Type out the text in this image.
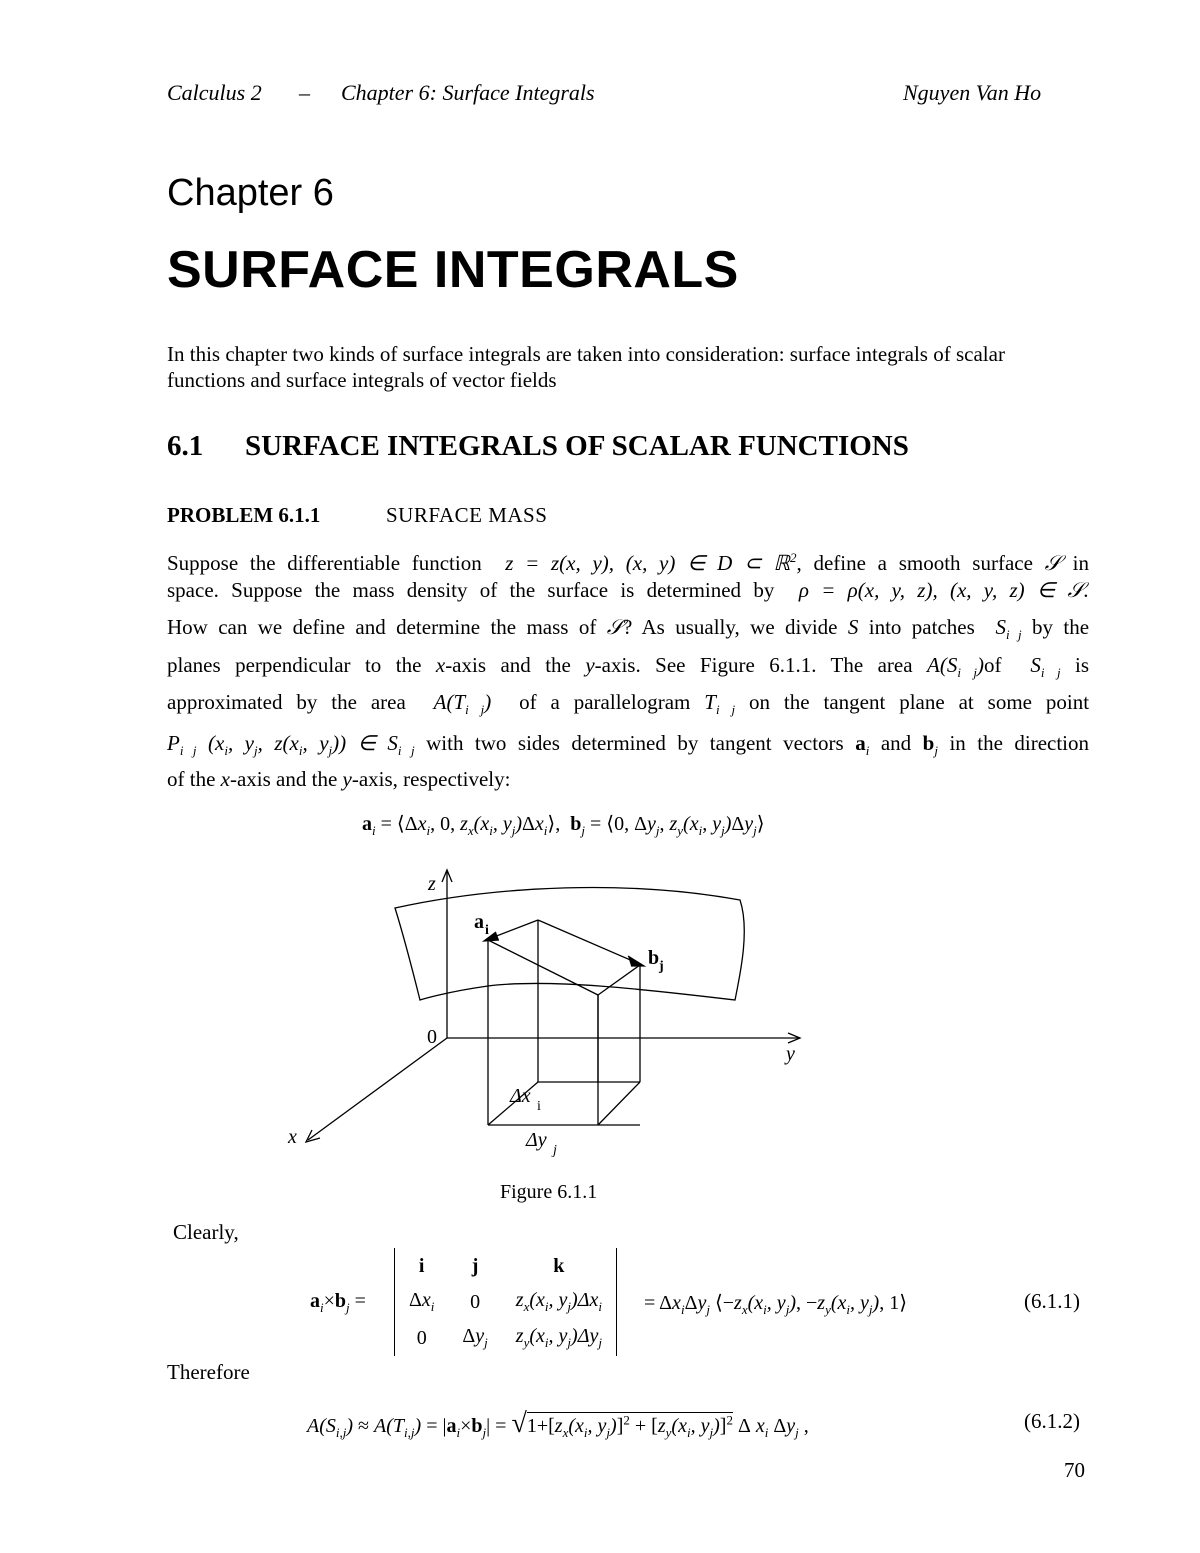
Calculus 2 – Chapter 6: Surface Integrals	Nguyen Van Ho
Chapter 6
SURFACE INTEGRALS
In this chapter two kinds of surface integrals are taken into consideration: surface integrals of scalar functions and surface integrals of vector fields
6.1 SURFACE INTEGRALS OF SCALAR FUNCTIONS
PROBLEM 6.1.1	SURFACE MASS
Suppose the differentiable function  z = z(x, y), (x, y) ∈ D ⊂ ℝ$^2$, define a smooth surface 𝒮 in
space. Suppose the mass density of the surface is determined by  ρ = ρ(x, y, z), (x, y, z) ∈ 𝒮.
How can we define and determine the mass of 𝒮? As usually, we divide S into patches  $S_{i j}$ by the
planes perpendicular to the x-axis and the y-axis. See Figure 6.1.1. The area $A(S_{i j})of$  $S_{i j}$ is
approximated by the area  $A(T_{i j})$  of a parallelogram $T_{i j}$ on the tangent plane at some point
$P_{i j}$ ($x_i$, $y_j$, $z(x_i$, $y_j$)) ∈ $S_{i j}$ with two sides determined by tangent vectors $a_i$ and $b_j$ in the direction
of the x-axis and the y-axis, respectively:
$a_i$ = $⟨\Delta x_i$, 0, $z_x(x_i$, $y_j)\Delta x_i⟩$,  $b_j$ = ⟨0, $\Delta y_j$, $z_y(x_i$, $y_j)\Delta y_j⟩$
z
y
x
0
a i
b j
Δx i
Δy j
Figure 6.1.1
Clearly,
$a_i\times b_j$ =
i	j	k
$\Delta x_i$	0	$z_x(x_i$, $y_j)\Delta x_i$
0	$\Delta y_j$	$z_y(x_i$, $y_j)\Delta y_j$
= $\Delta x_i\Delta y_j$ $⟨-z_x(x_i$, $y_j$), $-z_y(x_i$, $y_j$), 1⟩	(6.1.1)
Therefore
$A(S_{i,j}) \approx A(T_{i,j}) = |a_i\times b_j| = √1+[z_x(x_i$, $y_j)]^2 + [z_y(x_i$, $y_j)]^2$ Δ $x_i$ $\Delta y_j$ ,	(6.1.2)
70
